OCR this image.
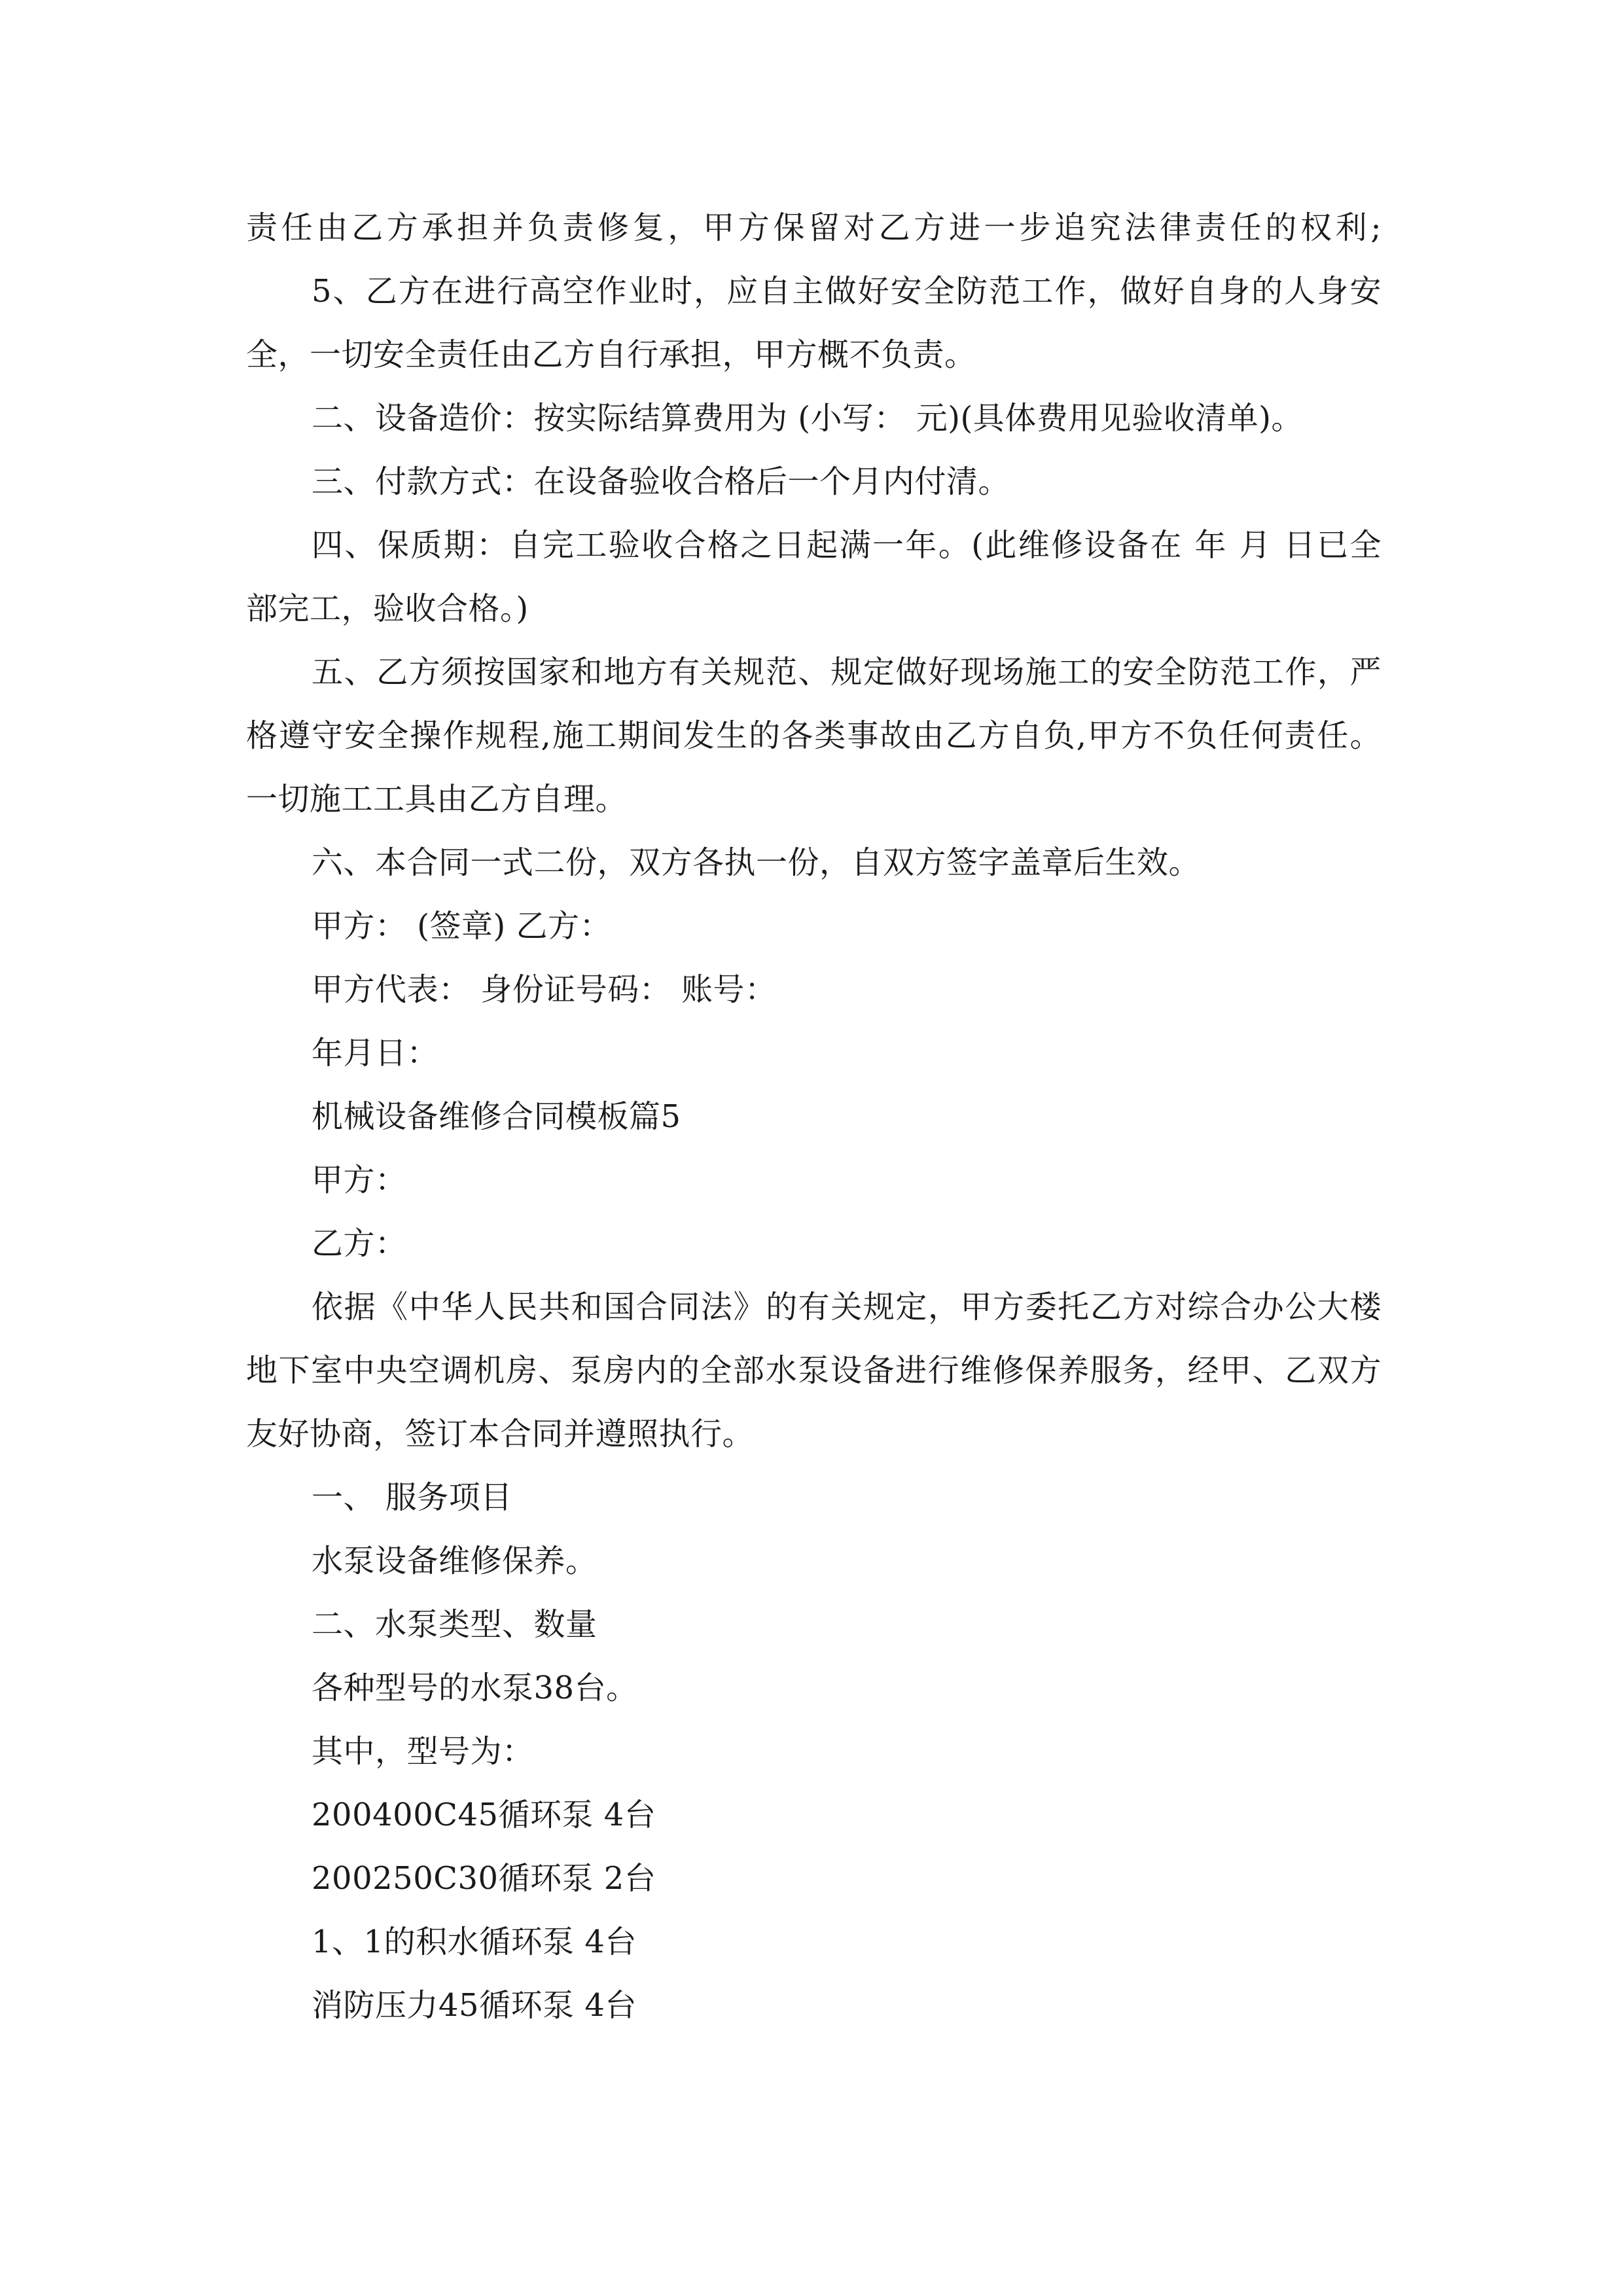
责任由乙方承担并负责修复，甲方保留对乙方进一步追究法律责任的权利;
5、乙方在进行高空作业时，应自主做好安全防范工作，做好自身的人身安
全，一切安全责任由乙方自行承担，甲方概不负责。
二、设备造价：按实际结算费用为 (小写： 元)(具体费用见验收清单)。
三、付款方式：在设备验收合格后一个月内付清。
四、保质期：自完工验收合格之日起满一年。(此维修设备在 年 月 日已全
部完工，验收合格。)
五、乙方须按国家和地方有关规范、规定做好现场施工的安全防范工作，严
格遵守安全操作规程,施工期间发生的各类事故由乙方自负,甲方不负任何责任。
一切施工工具由乙方自理。
六、本合同一式二份，双方各执一份，自双方签字盖章后生效。
甲方： (签章) 乙方：
甲方代表： 身份证号码： 账号：
年月日：
机械设备维修合同模板篇5
甲方：
乙方：
依据《中华人民共和国合同法》的有关规定，甲方委托乙方对综合办公大楼
地下室中央空调机房、泵房内的全部水泵设备进行维修保养服务，经甲、乙双方
友好协商，签订本合同并遵照执行。
一、 服务项目
水泵设备维修保养。
二、水泵类型、数量
各种型号的水泵38台。
其中，型号为：
200400C45循环泵 4台
200250C30循环泵 2台
1、1的积水循环泵 4台
消防压力45循环泵 4台
